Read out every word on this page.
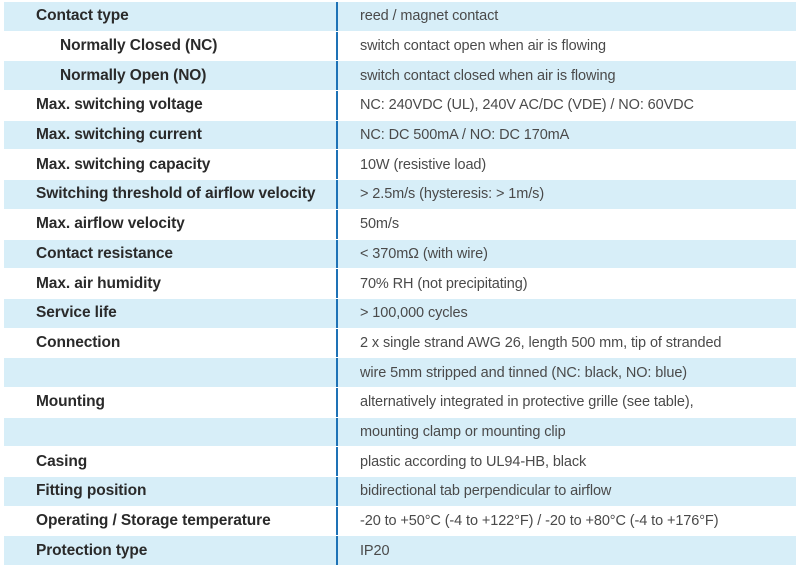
Contact type	reed / magnet contact
Normally Closed (NC)	switch contact open when air is flowing
Normally Open (NO)	switch contact closed when air is flowing
Max. switching voltage	NC: 240VDC (UL), 240V AC/DC (VDE) / NO: 60VDC
Max. switching current	NC: DC 500mA / NO: DC 170mA
Max. switching capacity	10W (resistive load)
Switching threshold of airflow velocity	> 2.5m/s (hysteresis: > 1m/s)
Max. airflow velocity	50m/s
Contact resistance	< 370mΩ (with wire)
Max. air humidity	70% RH (not precipitating)
Service life	> 100,000 cycles
Connection	2 x single strand AWG 26, length 500 mm, tip of stranded
wire 5mm stripped and tinned (NC: black, NO: blue)
Mounting	alternatively integrated in protective grille (see table),
mounting clamp or mounting clip
Casing	plastic according to UL94-HB, black
Fitting position	bidirectional tab perpendicular to airflow
Operating / Storage temperature	-20 to +50°C (-4 to +122°F) / -20 to +80°C (-4 to +176°F)
Protection type	IP20
